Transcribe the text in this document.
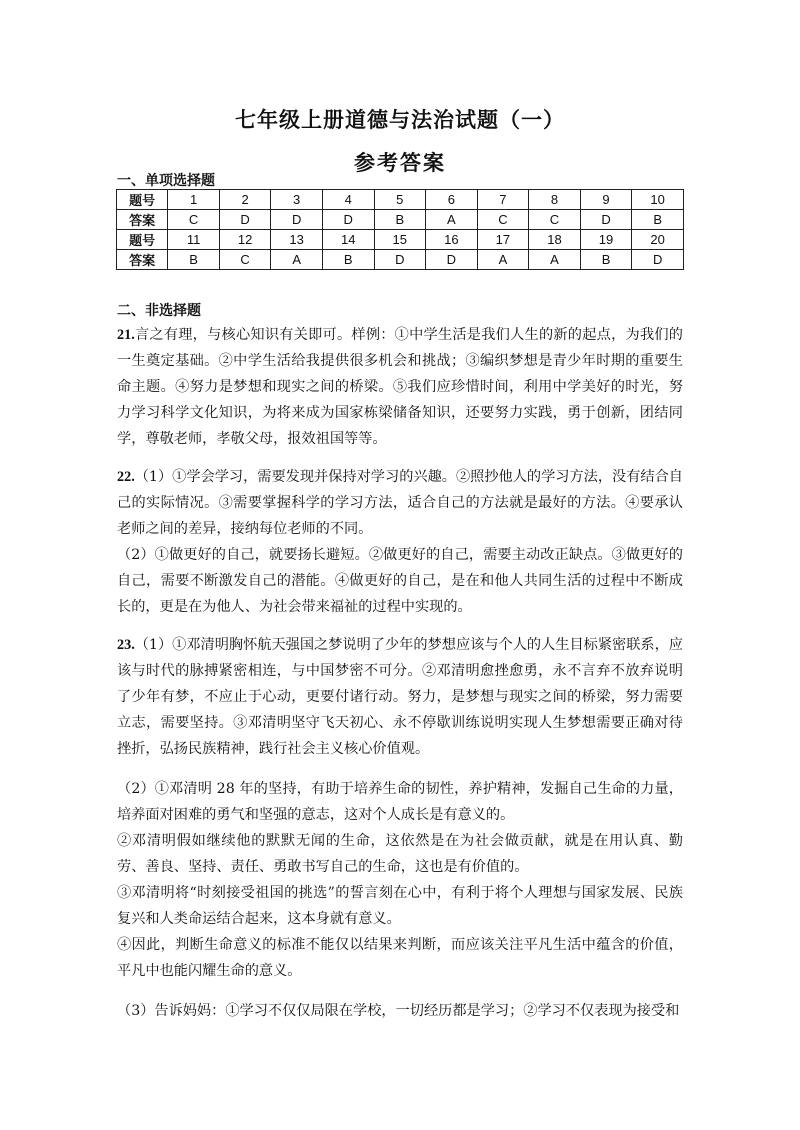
七年级上册道德与法治试题（一）
参考答案
一、单项选择题
题号	1	2	3	4	5	6	7	8	9	10
答案	C	D	D	D	B	A	C	C	D	B
题号	11	12	13	14	15	16	17	18	19	20
答案	B	C	A	B	D	D	A	A	B	D
二、非选择题

21.言之有理，与核心知识有关即可。样例：①中学生活是我们人生的新的起点，为我们的一生奠定基础。②中学生活给我提供很多机会和挑战；③编织梦想是青少年时期的重要生命主题。④努力是梦想和现实之间的桥梁。⑤我们应珍惜时间，利用中学美好的时光，努力学习科学文化知识，为将来成为国家栋梁储备知识，还要努力实践，勇于创新，团结同学，尊敬老师，孝敬父母，报效祖国等等。

22.（1）①学会学习，需要发现并保持对学习的兴趣。②照抄他人的学习方法，没有结合自己的实际情况。③需要掌握科学的学习方法，适合自己的方法就是最好的方法。④要承认老师之间的差异，接纳每位老师的不同。

（2）①做更好的自己，就要扬长避短。②做更好的自己，需要主动改正缺点。③做更好的自己，需要不断激发自己的潜能。④做更好的自己，是在和他人共同生活的过程中不断成长的，更是在为他人、为社会带来福祉的过程中实现的。

23.（1）①邓清明胸怀航天强国之梦说明了少年的梦想应该与个人的人生目标紧密联系，应该与时代的脉搏紧密相连，与中国梦密不可分。②邓清明愈挫愈勇，永不言弃不放弃说明了少年有梦，不应止于心动，更要付诸行动。努力，是梦想与现实之间的桥梁，努力需要立志，需要坚持。③邓清明坚守飞天初心、永不停歇训练说明实现人生梦想需要正确对待挫折，弘扬民族精神，践行社会主义核心价值观。

（2）①邓清明 28 年的坚持，有助于培养生命的韧性，养护精神，发掘自己生命的力量，培养面对困难的勇气和坚强的意志，这对个人成长是有意义的。

②邓清明假如继续他的默默无闻的生命，这依然是在为社会做贡献，就是在用认真、勤劳、善良、坚持、责任、勇敢书写自己的生命，这也是有价值的。

③邓清明将“时刻接受祖国的挑选”的誓言刻在心中，有利于将个人理想与国家发展、民族复兴和人类命运结合起来，这本身就有意义。

④因此，判断生命意义的标准不能仅以结果来判断，而应该关注平凡生活中蕴含的价值，平凡中也能闪耀生命的意义。

（3）告诉妈妈：①学习不仅仅局限在学校，一切经历都是学习；②学习不仅表现为接受和
